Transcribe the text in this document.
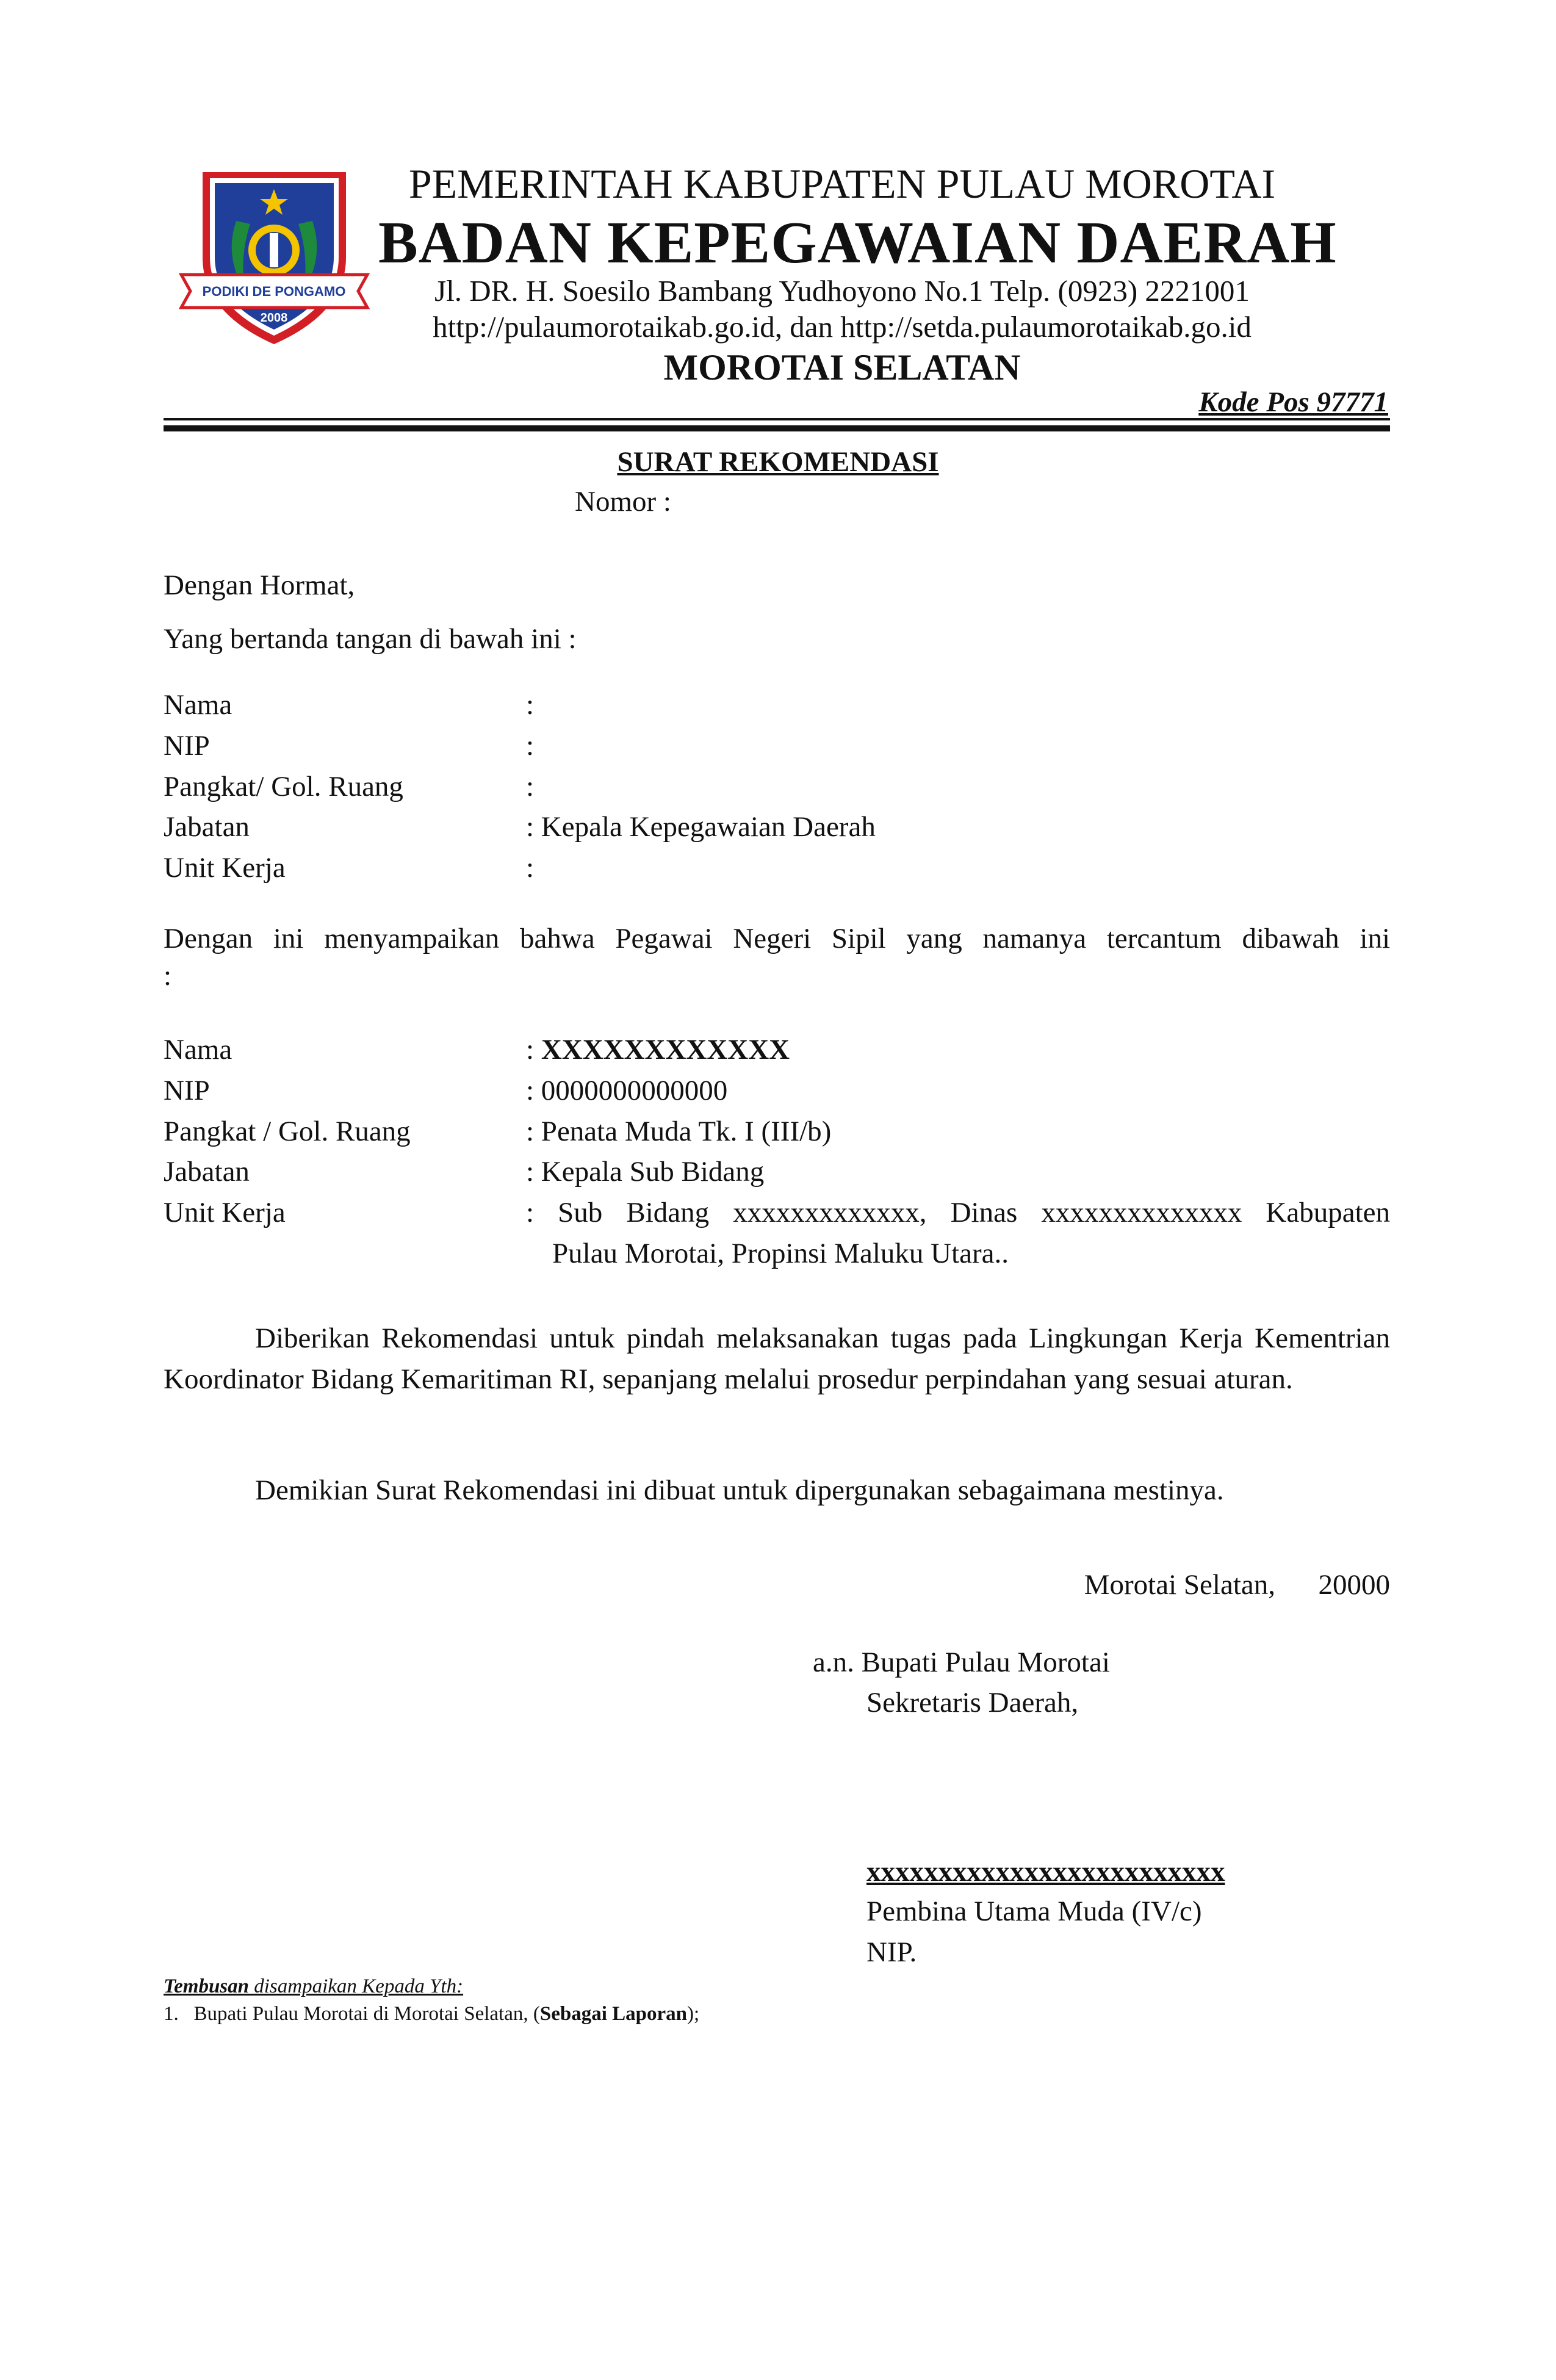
PODIKI DE PONGAMO
2008
PEMERINTAH KABUPATEN PULAU MOROTAI
BADAN KEPEGAWAIAN DAERAH
Jl. DR. H. Soesilo Bambang Yudhoyono No.1 Telp. (0923) 2221001
http://pulaumorotaikab.go.id, dan http://setda.pulaumorotaikab.go.id
MOROTAI SELATAN
Kode Pos 97771
SURAT REKOMENDASI
Nomor :
Dengan Hormat,
Yang bertanda tangan di bawah ini :
Nama	:
NIP	:
Pangkat/ Gol. Ruang	:
Jabatan	: Kepala Kepegawaian Daerah
Unit Kerja	:
Dengan ini menyampaikan bahwa Pegawai Negeri Sipil yang namanya tercantum dibawah ini
:
Nama	: XXXXXXXXXXXX
NIP	: 0000000000000
Pangkat / Gol. Ruang	: Penata Muda Tk. I (III/b)
Jabatan	: Kepala Sub Bidang
Unit Kerja	: Sub Bidang xxxxxxxxxxxxx, Dinas xxxxxxxxxxxxxx Kabupaten
Pulau Morotai, Propinsi Maluku Utara..
Diberikan Rekomendasi untuk pindah melaksanakan tugas pada Lingkungan Kerja Kementrian Koordinator Bidang Kemaritiman RI, sepanjang melalui prosedur perpindahan yang sesuai aturan.
Demikian Surat Rekomendasi ini dibuat untuk dipergunakan sebagaimana mestinya.
Morotai Selatan,      20000
a.n. Bupati Pulau Morotai
Sekretaris Daerah,
xxxxxxxxxxxxxxxxxxxxxxxxx
Pembina Utama Muda (IV/c)
NIP.
Tembusan disampaikan Kepada Yth:
1. Bupati Pulau Morotai di Morotai Selatan, (Sebagai Laporan);
